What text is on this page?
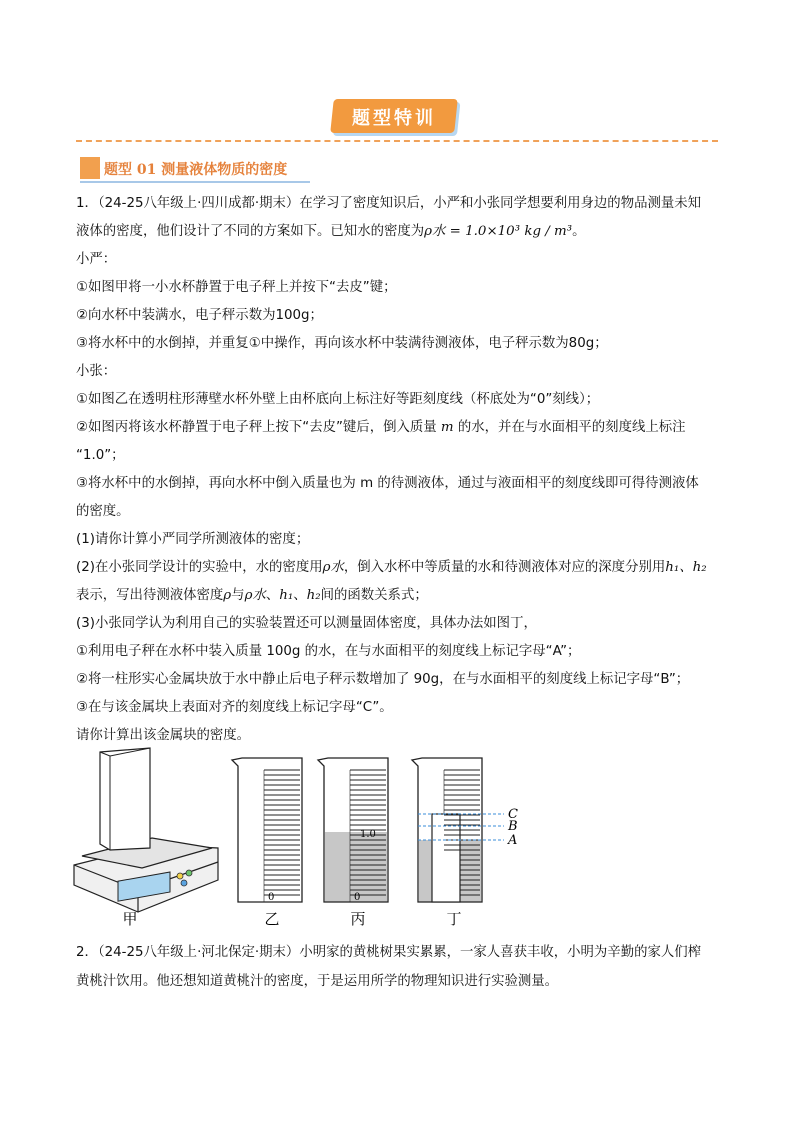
题型特训
题型 01 测量液体物质的密度

1．（24-25八年级上·四川成都·期末）在学习了密度知识后，小严和小张同学想要利用身边的物品测量未知

液体的密度，他们设计了不同的方案如下。已知水的密度为ρ水 = 1.0×10³ kg / m³。

小严：

①如图甲将一小水杯静置于电子秤上并按下“去皮”键；

②向水杯中装满水，电子秤示数为100g；

③将水杯中的水倒掉，并重复①中操作，再向该水杯中装满待测液体，电子秤示数为80g；

小张：

①如图乙在透明柱形薄壁水杯外壁上由杯底向上标注好等距刻度线（杯底处为“0”刻线）；

②如图丙将该水杯静置于电子秤上按下“去皮”键后，倒入质量 m 的水，并在与水面相平的刻度线上标注

“1.0”；

③将水杯中的水倒掉，再向水杯中倒入质量也为 m 的待测液体，通过与液面相平的刻度线即可得待测液体

的密度。

(1)请你计算小严同学所测液体的密度；

(2)在小张同学设计的实验中，水的密度用ρ水，倒入水杯中等质量的水和待测液体对应的深度分别用h₁、h₂

表示，写出待测液体密度ρ与ρ水、h₁、h₂间的函数关系式；

(3)小张同学认为利用自己的实验装置还可以测量固体密度，具体办法如图丁，

①利用电子秤在水杯中装入质量 100g 的水，在与水面相平的刻度线上标记字母“A”；

②将一柱形实心金属块放于水中静止后电子秤示数增加了 90g，在与水面相平的刻度线上标记字母“B”；

③在与该金属块上表面对齐的刻度线上标记字母“C”。

请你计算出该金属块的密度。

0	0
1.0
C
B
A
甲	乙	丙	丁

2．（24-25八年级上·河北保定·期末）小明家的黄桃树果实累累，一家人喜获丰收，小明为辛勤的家人们榨

黄桃汁饮用。他还想知道黄桃汁的密度，于是运用所学的物理知识进行实验测量。
